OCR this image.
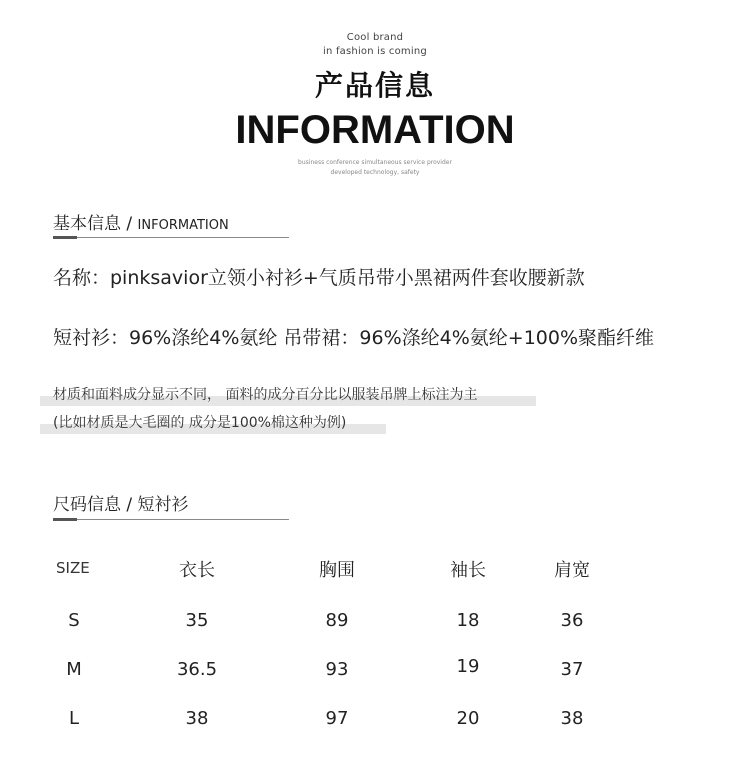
Cool brand
in fashion is coming
产品信息
INFORMATION
business conference simultaneous service provider
developed technology, safety
基本信息 / INFORMATION
名称：pinksavior立领小衬衫+气质吊带小黑裙两件套收腰新款
短衬衫：96%涤纶4%氨纶 吊带裙：96%涤纶4%氨纶+100%聚酯纤维
材质和面料成分显示不同， 面料的成分百分比以服装吊牌上标注为主
(比如材质是大毛圈的 成分是100%棉这种为例)
尺码信息 / 短衬衫
SIZE	衣长	胸围	袖长	肩宽
S	35	89	18	36
M	36.5	93	19	37
L	38	97	20	38
